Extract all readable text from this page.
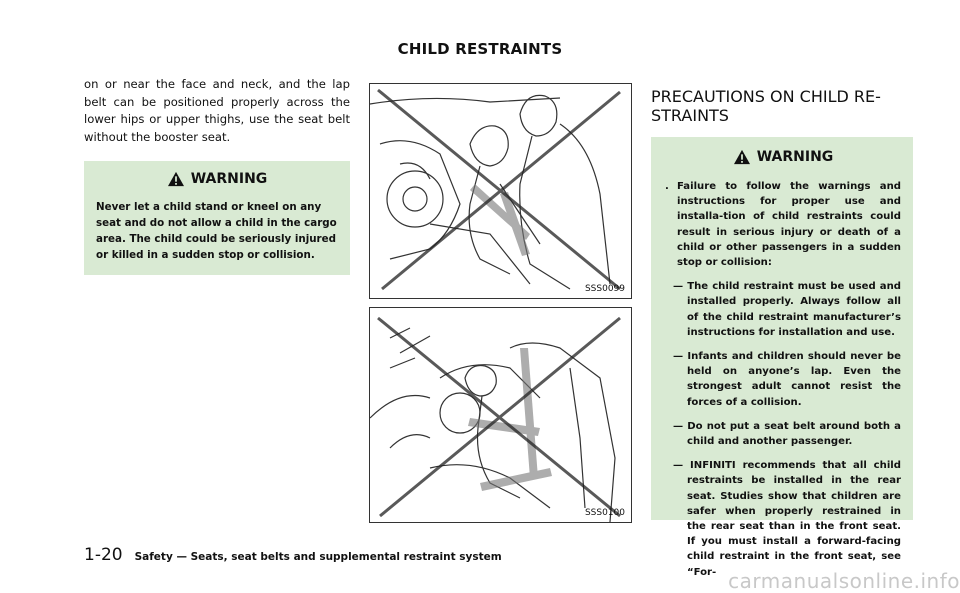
CHILD RESTRAINTS

on or near the face and neck, and the lap belt can be positioned properly across the lower hips or upper thighs, use the seat belt without the booster seat.

WARNING

Never let a child stand or kneel on any seat and do not allow a child in the cargo area. The child could be seriously injured or killed in a sudden stop or collision.

SSS0099
SSS0100
PRECAUTIONS ON CHILD RE-
STRAINTS
WARNING
. Failure to follow the warnings and instructions for proper use and installa-tion of child restraints could result in serious injury or death of a child or other passengers in a sudden stop or collision:

— The child restraint must be used and installed properly. Always follow all of the child restraint manufacturer’s instructions for installation and use.

— Infants and children should never be held on anyone’s lap. Even the strongest adult cannot resist the forces of a collision.

— Do not put a seat belt around both a child and another passenger.

— INFINITI recommends that all child restraints be installed in the rear seat. Studies show that children are safer when properly restrained in the rear seat than in the front seat. If you must install a forward-facing child restraint in the front seat, see “For-

1-20 Safety — Seats, seat belts and supplemental restraint system
carmanualsonline.info
